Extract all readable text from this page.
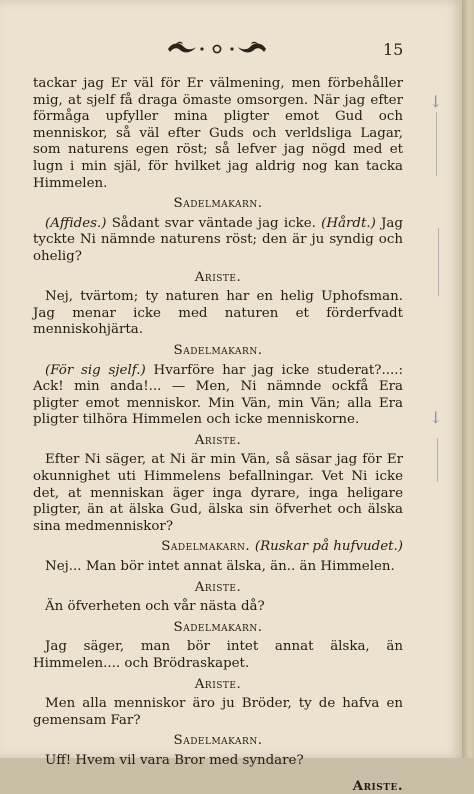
15
↓
↓

tackar jag Er väl för Er välmening, men förbehåller mig, at sjelf få draga ömaste omsorgen. När jag efter förmåga upfyller mina pligter emot Gud och menniskor, så väl efter Guds och verldsliga Lagar, som naturens egen röst; så lefver jag nögd med et lugn i min själ, för hvilket jag aldrig nog kan tacka Himmelen.

Sadelmakarn.

(Affides.) Sådant svar väntade jag icke. (Hårdt.) Jag tyckte Ni nämnde naturens röst; den är ju syndig och ohelig?

Ariste.

Nej, tvärtom; ty naturen har en helig Uphofsman. Jag menar icke med naturen et förderfvadt menniskohjärta.

Sadelmakarn.

(För sig sjelf.) Hvarföre har jag icke studerat?....: Ack! min anda!... — Men, Ni nämnde ockfå Era pligter emot menniskor. Min Vän, min Vän; alla Era pligter tilhöra Himmelen och icke menniskorne.

Ariste.

Efter Ni säger, at Ni är min Vän, så säsar jag för Er okunnighet uti Himmelens befallningar. Vet Ni icke det, at menniskan äger inga dyrare, inga heligare pligter, än at älska Gud, älska sin öfverhet och älska sina medmenniskor?

Sadelmakarn. (Ruskar på hufvudet.)

Nej... Man bör intet annat älska, än.. än Himmelen.

Ariste.

Än öfverheten och vår nästa då?

Sadelmakarn.

Jag säger, man bör intet annat älska, än Himmelen.... och Brödraskapet.

Ariste.

Men alla menniskor äro ju Bröder, ty de hafva en gemensam Far?

Sadelmakarn.

Uff! Hvem vil vara Bror med syndare?

Ariste.
